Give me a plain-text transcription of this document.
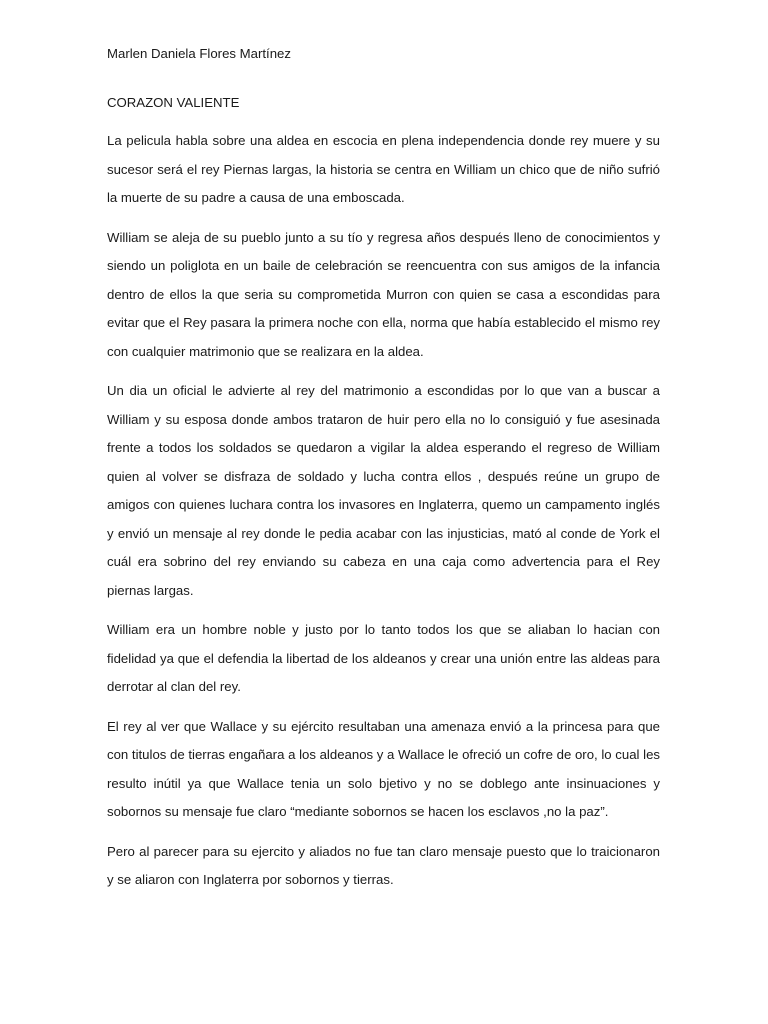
Marlen Daniela Flores Martínez

CORAZON VALIENTE

La pelicula habla sobre una aldea en escocia en plena independencia donde rey muere y su sucesor será el rey Piernas largas, la historia se centra en William un chico que de niño sufrió la muerte de su padre a causa de una emboscada.

William se aleja de su pueblo junto a su tío y regresa años después lleno de conocimientos y siendo un poliglota en un baile de celebración se reencuentra con sus amigos de la infancia dentro de ellos la que seria su comprometida Murron con quien se casa a escondidas para evitar que el Rey pasara la primera noche con ella, norma que había establecido el mismo rey con cualquier matrimonio que se realizara en la aldea.

Un dia un oficial le advierte al rey del matrimonio a escondidas por lo que van a buscar a William y su esposa donde ambos trataron de huir pero ella no lo consiguió y fue asesinada frente a todos los soldados se quedaron a vigilar la aldea esperando el regreso de William quien al volver se disfraza de soldado y lucha contra ellos , después reúne un grupo de amigos con quienes luchara contra los invasores en Inglaterra, quemo un campamento inglés y envió un mensaje al rey donde le pedia acabar con las injusticias, mató al conde de York el cuál era sobrino del rey enviando su cabeza en una caja como advertencia para el Rey piernas largas.

William era un hombre noble y justo por lo tanto todos los que se aliaban lo hacian con fidelidad ya que el defendia la libertad de los aldeanos y crear una unión entre las aldeas para derrotar al clan del rey.

El rey al ver que Wallace y su ejército resultaban una amenaza envió a la princesa para que con titulos de tierras engañara a los aldeanos y a Wallace le ofreció un cofre de oro, lo cual les resulto inútil ya que Wallace tenia un solo bjetivo y no se doblego ante insinuaciones y sobornos su mensaje fue claro “mediante sobornos se hacen los esclavos ,no la paz”.

Pero al parecer para su ejercito y aliados no fue tan claro mensaje puesto que lo traicionaron y se aliaron con Inglaterra por sobornos y tierras.
